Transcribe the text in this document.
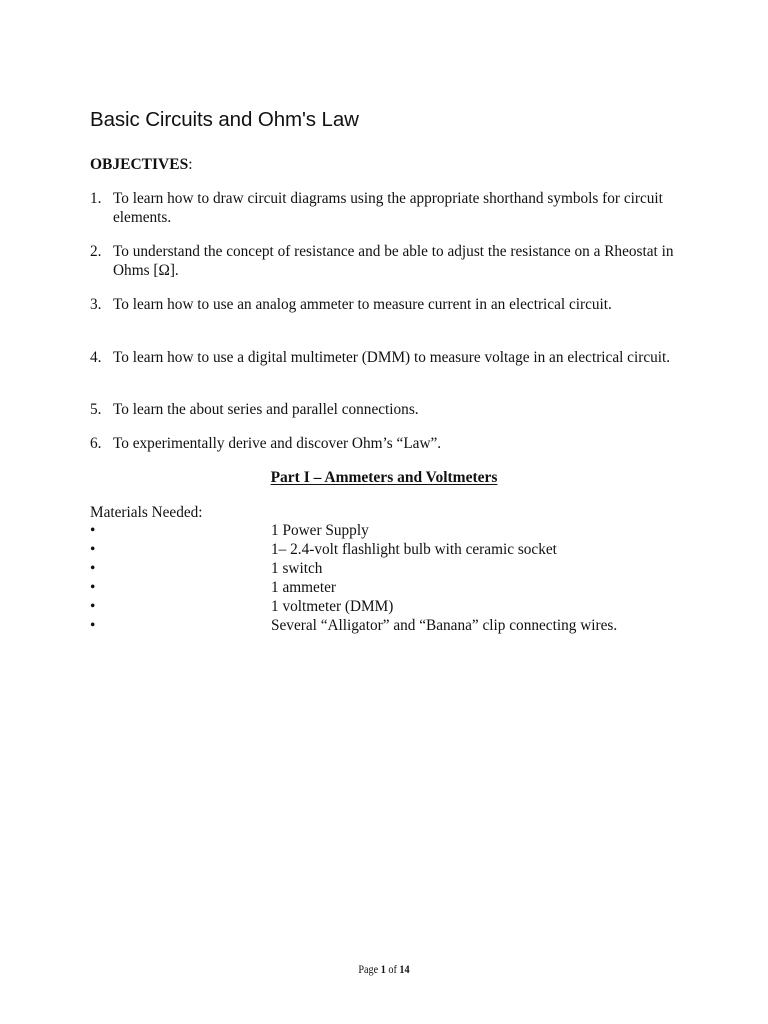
Basic Circuits and Ohm's Law
OBJECTIVES:
1. To learn how to draw circuit diagrams using the appropriate shorthand symbols for circuit elements.
2. To understand the concept of resistance and be able to adjust the resistance on a Rheostat in Ohms [Ω].
3. To learn how to use an analog ammeter to measure current in an electrical circuit.
4. To learn how to use a digital multimeter (DMM) to measure voltage in an electrical circuit.
5. To learn the about series and parallel connections.
6. To experimentally derive and discover Ohm’s “Law”.
Part I – Ammeters and Voltmeters
Materials Needed:
•	1 Power Supply
•	1– 2.4-volt flashlight bulb with ceramic socket
•	1 switch
•	1 ammeter
•	1 voltmeter (DMM)
•	Several “Alligator” and “Banana” clip connecting wires.
Page 1 of 14
